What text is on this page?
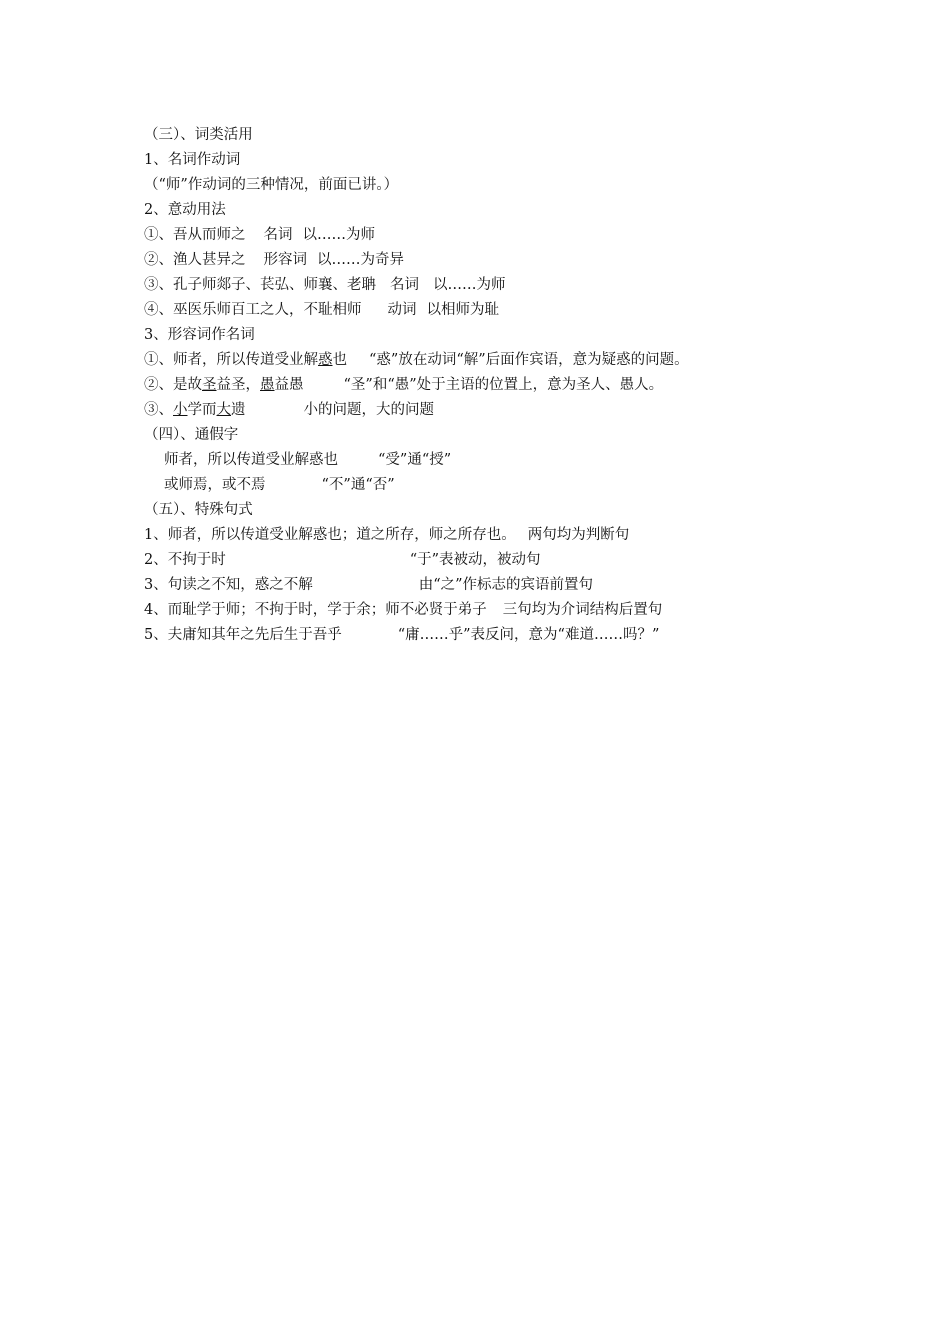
（三）、词类活用
1、名词作动词
（“师”作动词的三种情况，前面已讲。）
2、意动用法
①、吾从而师之 名词 以……为师
②、渔人甚异之 形容词 以……为奇异
③、孔子师郯子、苌弘、师襄、老聃 名词 以……为师
④、巫医乐师百工之人，不耻相师 动词 以相师为耻
3、形容词作名词
①、师者，所以传道受业解惑也 “惑”放在动词“解”后面作宾语，意为疑惑的问题。
②、是故圣益圣，愚益愚	“圣”和“愚”处于主语的位置上，意为圣人、愚人。
③、小学而大遗	小的问题，大的问题
（四）、通假字
师者，所以传道受业解惑也	“受”通“授”
或师焉，或不焉	“不”通“否”
（五）、特殊句式
1、师者，所以传道受业解惑也；道之所存，师之所存也。 两句均为判断句
2、不拘于时	“于”表被动，被动句
3、句读之不知，惑之不解	由“之”作标志的宾语前置句
4、而耻学于师；不拘于时，学于余；师不必贤于弟子 三句均为介词结构后置句
5、夫庸知其年之先后生于吾乎	“庸……乎”表反问，意为“难道……吗？”
